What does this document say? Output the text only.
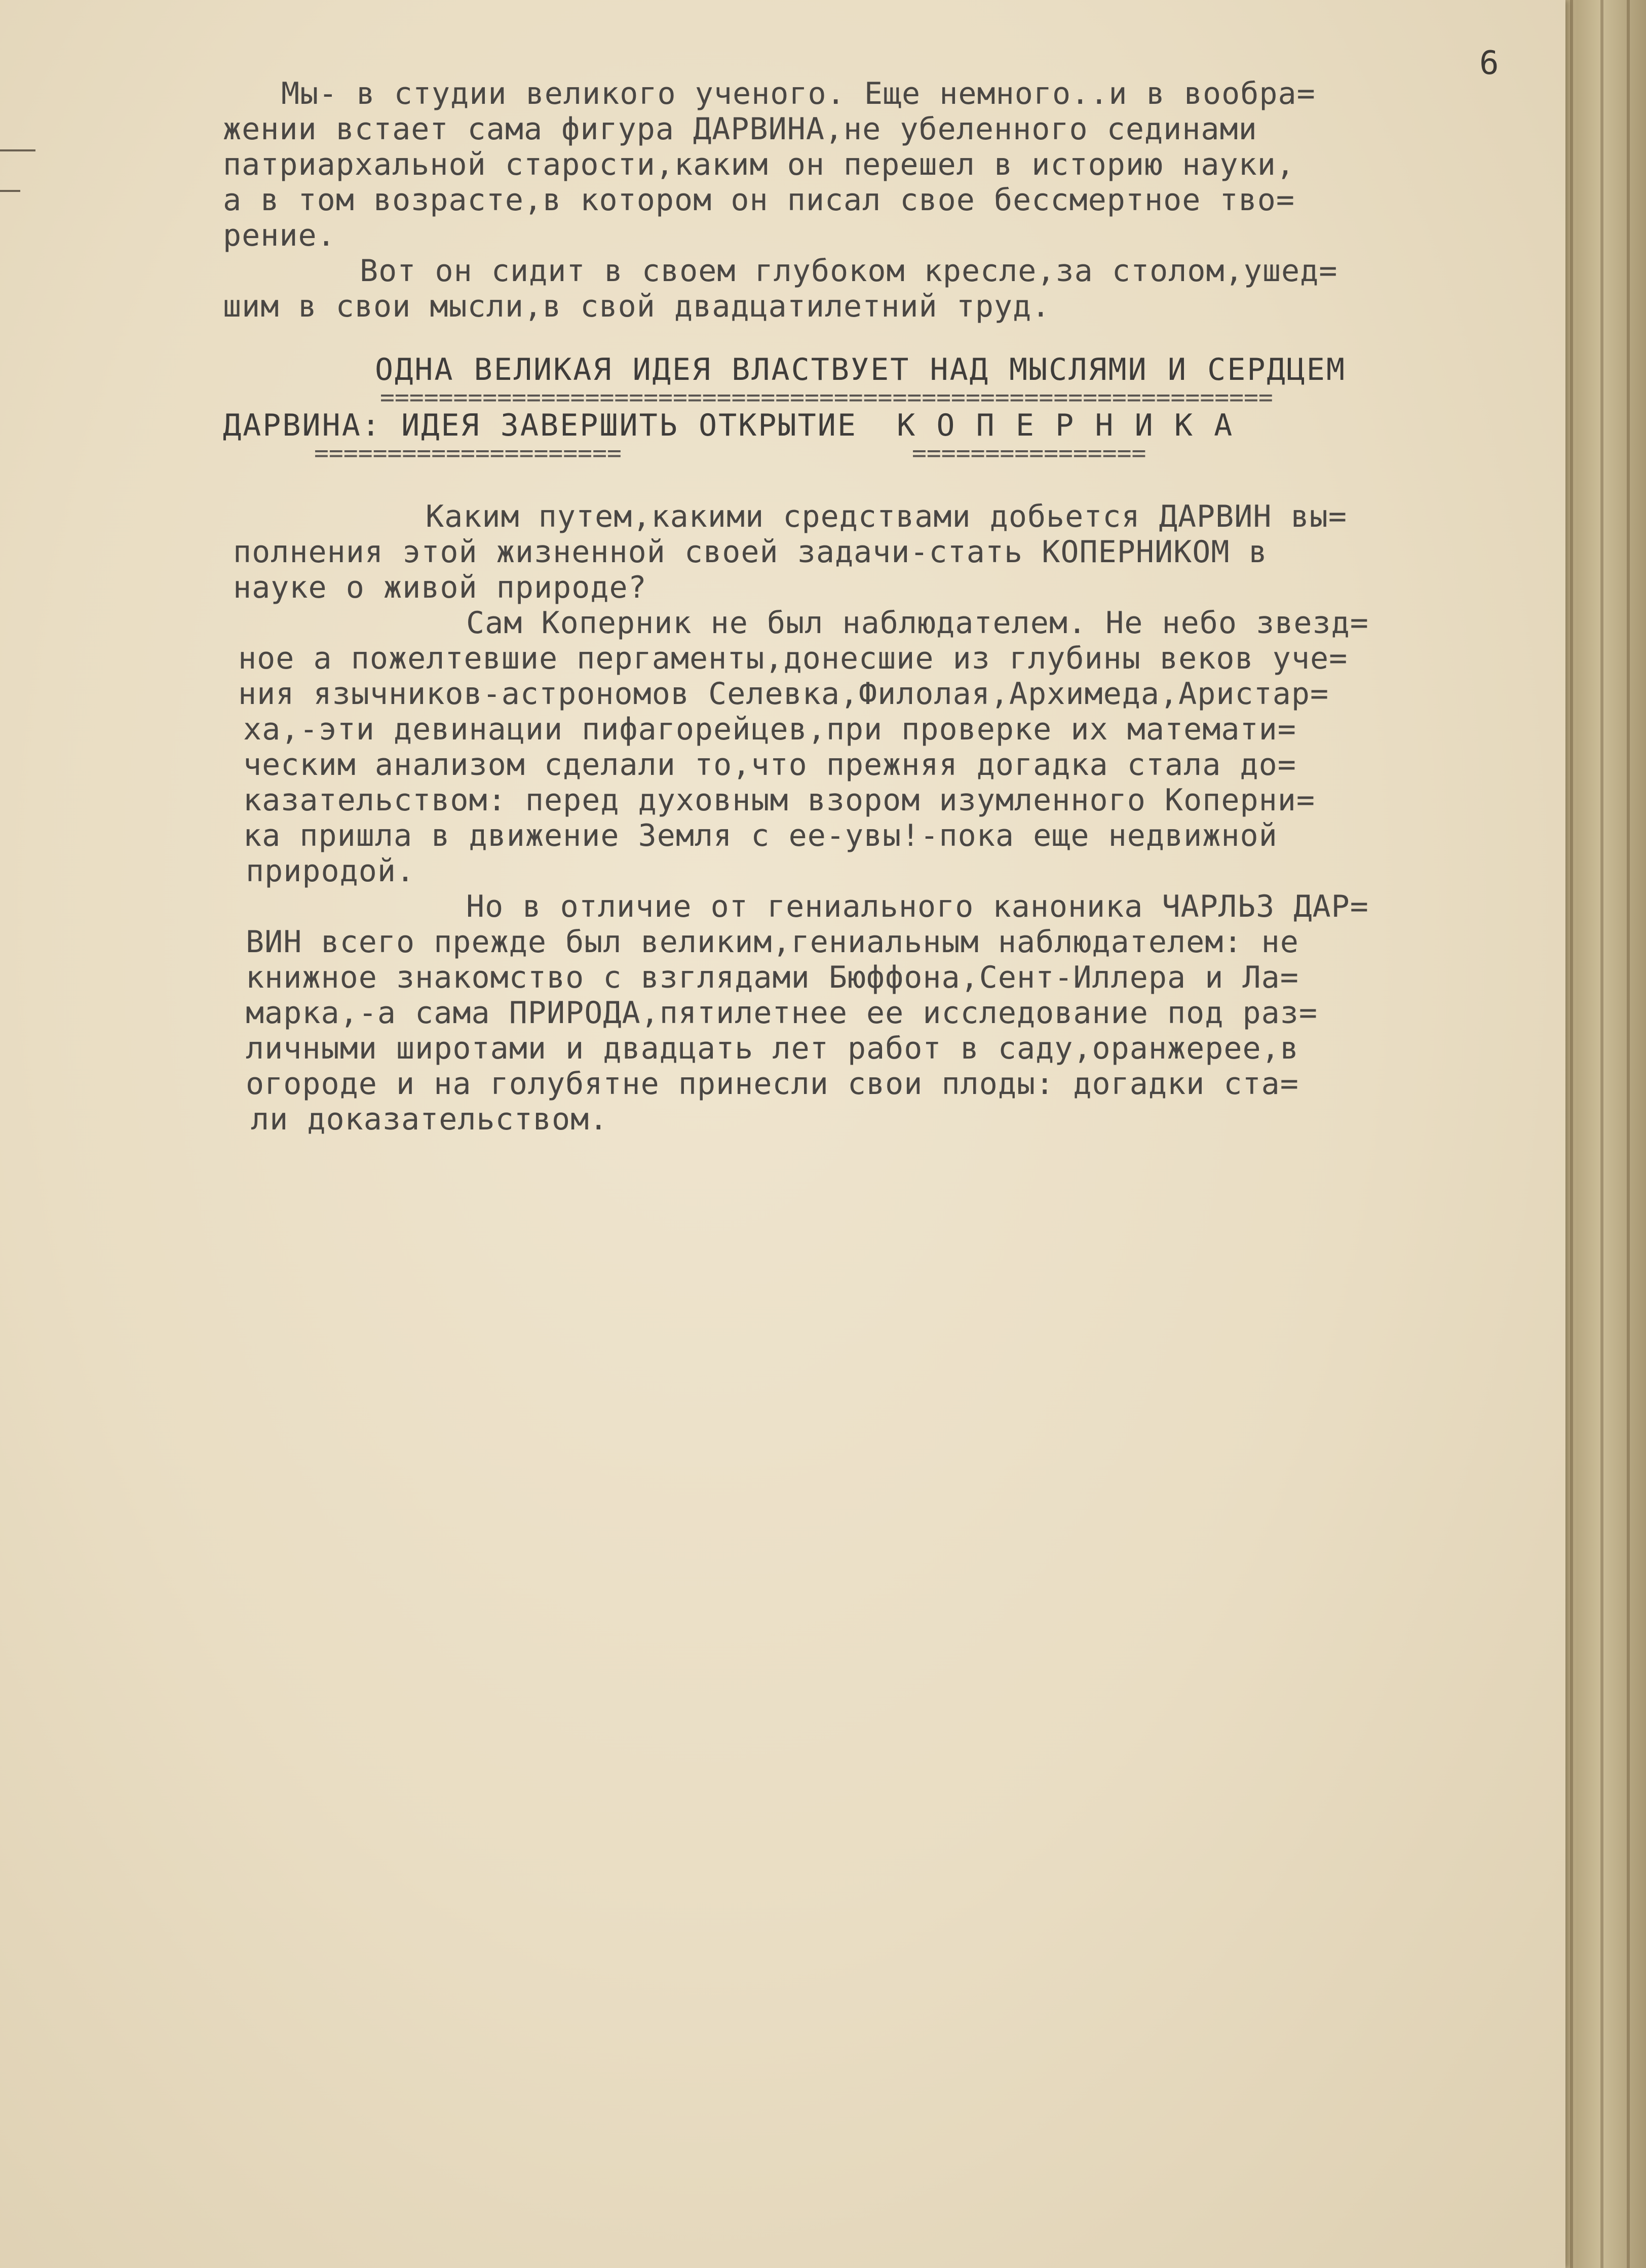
6

Мы- в студии великого ученого. Еще немного..и в вообра=
жении встает сама фигура ДАРВИНА,не убеленного сединами
патриархальной старости,каким он перешел в историю науки,
а в том возрасте,в котором он писал свое бессмертное тво=
рение.
Вот он сидит в своем глубоком кресле,за столом,ушед=
шим в свои мысли,в свой двадцатилетний труд.
ОДНА ВЕЛИКАЯ ИДЕЯ ВЛАСТВУЕТ НАД МЫСЛЯМИ И СЕРДЦЕМ
=============================================================
ДАРВИНА: ИДЕЯ ЗАВЕРШИТЬ ОТКРЫТИЕ  К О П Е Р Н И К А
=====================	================
Каким путем,какими средствами добьется ДАРВИН вы=
полнения этой жизненной своей задачи-стать КОПЕРНИКОМ в
науке о живой природе?
Сам Коперник не был наблюдателем. Не небо звезд=
ное а пожелтевшие пергаменты,донесшие из глубины веков уче=
ния язычников-астрономов Селевка,Филолая,Архимеда,Аристар=
ха,-эти девинации пифагорейцев,при проверке их математи=
ческим анализом сделали то,что прежняя догадка стала до=
казательством: перед духовным взором изумленного Коперни=
ка пришла в движение Земля с ее-увы!-пока еще недвижной
природой.
Но в отличие от гениального каноника ЧАРЛЬЗ ДАР=
ВИН всего прежде был великим,гениальным наблюдателем: не
книжное знакомство с взглядами Бюффона,Сент-Иллера и Ла=
марка,-а сама ПРИРОДА,пятилетнее ее исследование под раз=
личными широтами и двадцать лет работ в саду,оранжерее,в
огороде и на голубятне принесли свои плоды: догадки ста=
ли доказательством.
